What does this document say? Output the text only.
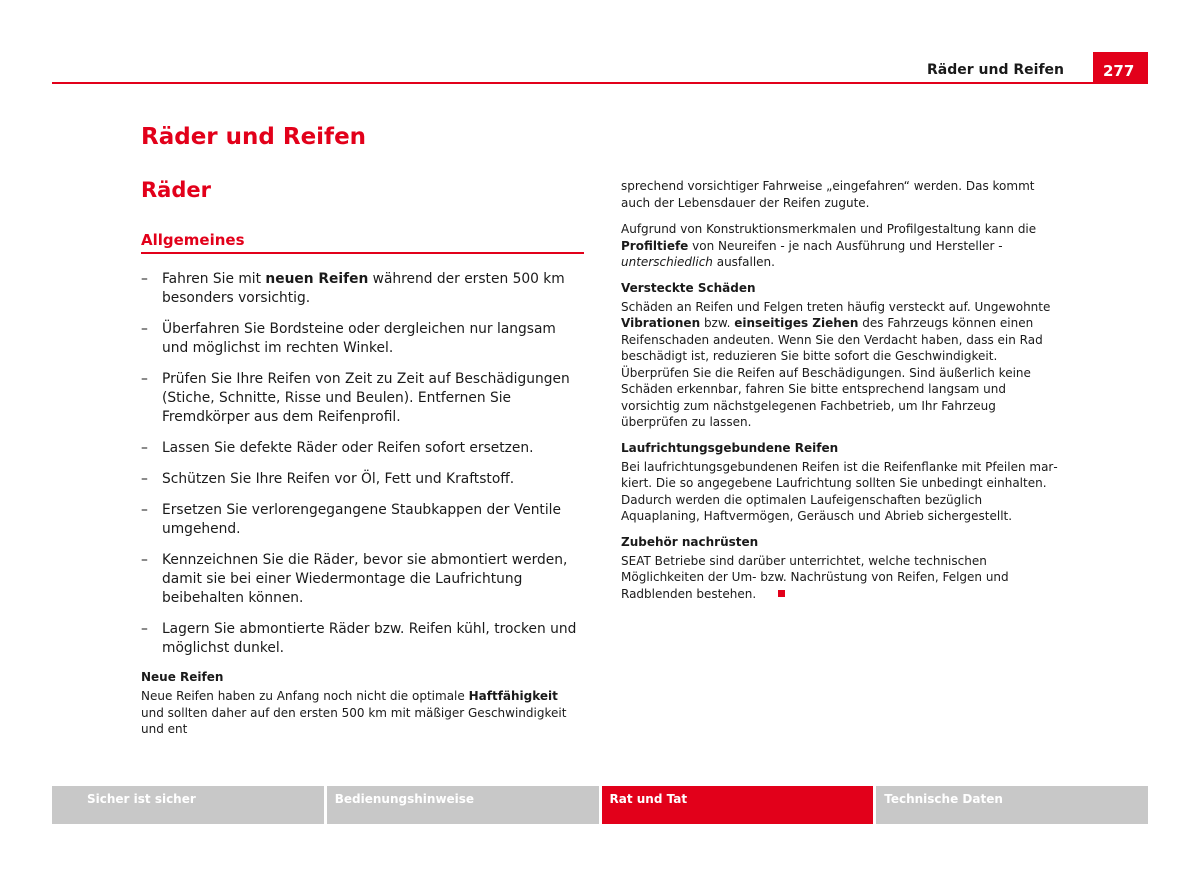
Räder und Reifen	277
Räder und Reifen
Räder
Allgemeines
– Fahren Sie mit neuen Reifen während der ersten 500 km besonders vorsichtig.
– Überfahren Sie Bordsteine oder dergleichen nur langsam und möglichst im rechten Winkel.
– Prüfen Sie Ihre Reifen von Zeit zu Zeit auf Beschädigungen (Stiche, Schnitte, Risse und Beulen). Entfernen Sie Fremdkörper aus dem Reifenprofil.
– Lassen Sie defekte Räder oder Reifen sofort ersetzen.
– Schützen Sie Ihre Reifen vor Öl, Fett und Kraftstoff.
– Ersetzen Sie verlorengegangene Staubkappen der Ventile umgehend.
– Kennzeichnen Sie die Räder, bevor sie abmontiert werden, damit sie bei einer Wiedermontage die Laufrichtung beibehalten können.
– Lagern Sie abmontierte Räder bzw. Reifen kühl, trocken und möglichst dunkel.
Neue Reifen

Neue Reifen haben zu Anfang noch nicht die optimale Haftfähigkeit und sollten daher auf den ersten 500 km mit mäßiger Geschwindigkeit und ent

sprechend vorsichtiger Fahrweise „eingefahren“ werden. Das kommt auch der Lebensdauer der Reifen zugute.

Aufgrund von Konstruktionsmerkmalen und Profilgestaltung kann die Profiltiefe von Neureifen - je nach Ausführung und Hersteller - unterschiedlich ausfallen.

Versteckte Schäden

Schäden an Reifen und Felgen treten häufig versteckt auf. Ungewohnte Vibrationen bzw. einseitiges Ziehen des Fahrzeugs können einen Reifenschaden andeuten. Wenn Sie den Verdacht haben, dass ein Rad beschädigt ist, reduzieren Sie bitte sofort die Geschwindigkeit. Überprüfen Sie die Reifen auf Beschädigungen. Sind äußerlich keine Schäden erkennbar, fahren Sie bitte entsprechend langsam und vorsichtig zum nächstgelegenen Fachbetrieb, um Ihr Fahrzeug überprüfen zu lassen.

Laufrichtungsgebundene Reifen

Bei laufrichtungsgebundenen Reifen ist die Reifenflanke mit Pfeilen markiert. Die so angegebene Laufrichtung sollten Sie unbedingt einhalten. Dadurch werden die optimalen Laufeigenschaften bezüglich Aquaplaning, Haftvermögen, Geräusch und Abrieb sichergestellt.

Zubehör nachrüsten

SEAT Betriebe sind darüber unterrichtet, welche technischen Möglichkeiten der Um- bzw. Nachrüstung von Reifen, Felgen und Radblenden bestehen.

Sicher ist sicher	Bedienungshinweise	Rat und Tat	Technische Daten
